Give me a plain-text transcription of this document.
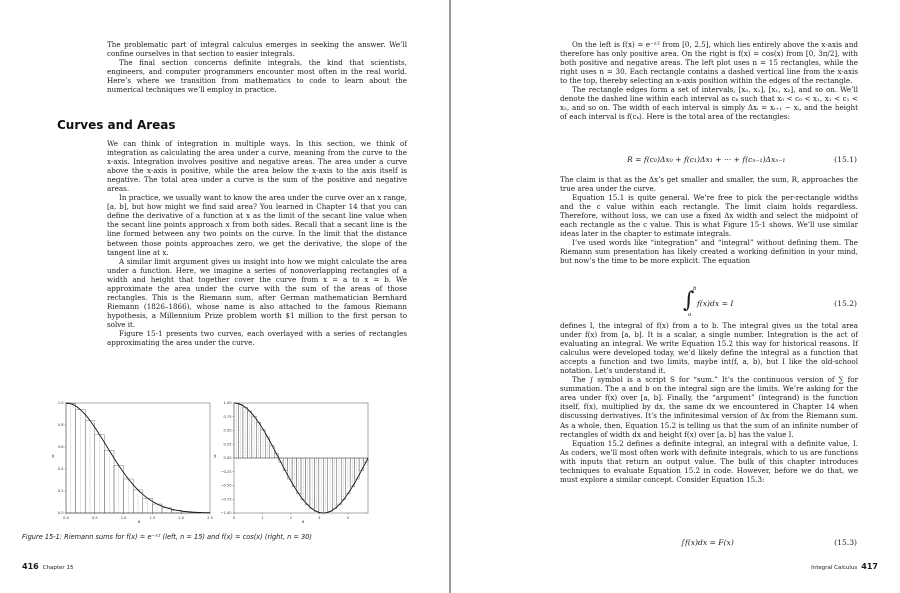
The problematic part of integral calculus emerges in seeking the answer. We’ll confine ourselves in that section to easier integrals.

The final section concerns definite integrals, the kind that scientists, engineers, and computer programmers encounter most often in the real world. Here’s where we transition from mathematics to code to learn about the numerical techniques we’ll employ in practice.

Curves and Areas

We can think of integration in multiple ways. In this section, we think of integration as calculating the area under a curve, meaning from the curve to the x-axis. Integration involves positive and negative areas. The area under a curve above the x-axis is positive, while the area below the x-axis to the axis itself is negative. The total area under a curve is the sum of the positive and negative areas.

In practice, we usually want to know the area under the curve over an x range, [a, b], but how might we find said area? You learned in Chapter 14 that you can define the derivative of a function at x as the limit of the secant line value when the secant line points approach x from both sides. Recall that a secant line is the line formed between any two points on the curve. In the limit that the distance between those points approaches zero, we get the derivative, the slope of the tangent line at x.

A similar limit argument gives us insight into how we might calculate the area under a function. Here, we imagine a series of nonoverlapping rectangles of a width and height that together cover the curve from x = a to x = b. We approximate the area under the curve with the sum of the areas of those rectangles. This is the Riemann sum, after German mathematician Bernhard Riemann (1826–1866), whose name is also attached to the famous Riemann hypothesis, a Millennium Prize problem worth $1 million to the first person to solve it.

Figure 15-1 presents two curves, each overlayed with a series of rectangles approximating the area under the curve.

0.0	0.5	1.0	1.5	2.0	2.5
1.0
0.8
0.6
0.4
0.2
0.0
y
x
0	1	2	3	4
1.00
0.75
0.50
0.25
0.00
−0.25
−0.50
−0.75
−1.00
y
x
Figure 15-1: Riemann sums for f(x) = e⁻ˣ² (left, n = 15) and f(x) = cos(x) (right, n = 30)
416 Chapter 15

On the left is f(x) = e⁻ˣ² from [0, 2.5], which lies entirely above the x-axis and therefore has only positive area. On the right is f(x) = cos(x) from [0, 3π/2], with both positive and negative areas. The left plot uses n = 15 rectangles, while the right uses n = 30. Each rectangle contains a dashed vertical line from the x-axis to the top, thereby selecting an x-axis position within the edges of the rectangle.

The rectangle edges form a set of intervals, [x₀, x₁], [x₁, x₂], and so on. We’ll denote the dashed line within each interval as cₖ such that x₀ < c₀ < x₁, x₁ < c₁ < x₂, and so on. The width of each interval is simply Δxᵢ = xᵢ₊₁ − xᵢ, and the height of each interval is f(cₖ). Here is the total area of the rectangles:

R = f(c₀)Δx₀ + f(c₁)Δx₁ + ··· + f(cₙ₋₁)Δxₙ₋₁	(15.1)

The claim is that as the Δx’s get smaller and smaller, the sum, R, approaches the true area under the curve.

Equation 15.1 is quite general. We’re free to pick the per-rectangle widths and the c value within each rectangle. The limit claim holds regardless. Therefore, without loss, we can use a fixed Δx width and select the midpoint of each rectangle as the c value. This is what Figure 15-1 shows. We’ll use similar ideas later in the chapter to estimate integrals.

I’ve used words like “integration” and “integral” without defining them. The Riemann sum presentation has likely created a working definition in your mind, but now’s the time to be more explicit. The equation

∫
b
a
f(x)dx = I	(15.2)

defines I, the integral of f(x) from a to b. The integral gives us the total area under f(x) from [a, b]. It is a scalar, a single number. Integration is the act of evaluating an integral. We write Equation 15.2 this way for historical reasons. If calculus were developed today, we’d likely define the integral as a function that accepts a function and two limits, maybe int(f, a, b), but I like the old-school notation. Let’s understand it.

The ∫ symbol is a script S for “sum.” It’s the continuous version of ∑ for summation. The a and b on the integral sign are the limits. We’re asking for the area under f(x) over [a, b]. Finally, the “argument” (integrand) is the function itself, f(x), multiplied by dx, the same dx we encountered in Chapter 14 when discussing derivatives. It’s the infinitesimal version of Δx from the Riemann sum. As a whole, then, Equation 15.2 is telling us that the sum of an infinite number of rectangles of width dx and height f(x) over [a, b] has the value I.

Equation 15.2 defines a definite integral, an integral with a definite value, I. As coders, we’ll most often work with definite integrals, which to us are functions with inputs that return an output value. The bulk of this chapter introduces techniques to evaluate Equation 15.2 in code. However, before we do that, we must explore a similar concept. Consider Equation 15.3:

∫f(x)dx = F(x)	(15.3)
Integral Calculus 417
